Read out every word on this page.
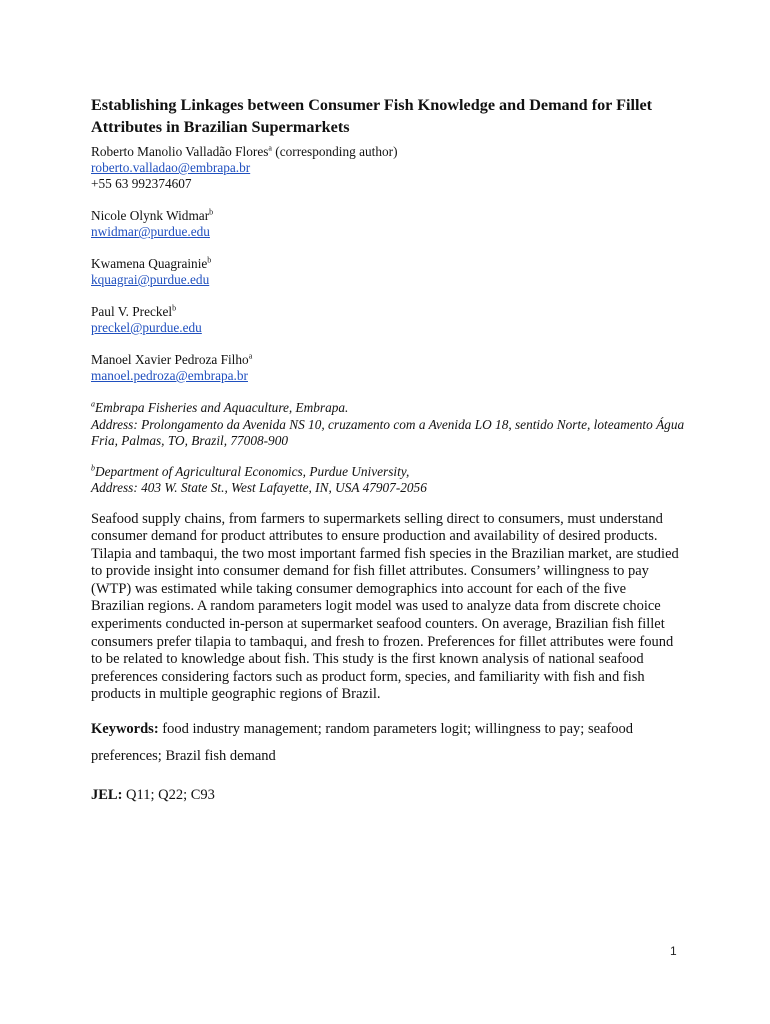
Establishing Linkages between Consumer Fish Knowledge and Demand for Fillet Attributes in Brazilian Supermarkets
Roberto Manolio Valladão Flores$^a$ (corresponding author)
roberto.valladao@embrapa.br
+55 63 992374607
Nicole Olynk Widmar$^b$
nwidmar@purdue.edu
Kwamena Quagrainie$^b$
kquagrai@purdue.edu
Paul V. Preckel$^b$
preckel@purdue.edu
Manoel Xavier Pedroza Filho$^a$
manoel.pedroza@embrapa.br
$^a$Embrapa Fisheries and Aquaculture, Embrapa.
Address: Prolongamento da Avenida NS 10, cruzamento com a Avenida LO 18, sentido Norte, loteamento Água Fria, Palmas, TO, Brazil, 77008-900
$^b$Department of Agricultural Economics, Purdue University,
Address: 403 W. State St., West Lafayette, IN, USA 47907-2056

Seafood supply chains, from farmers to supermarkets selling direct to consumers, must understand consumer demand for product attributes to ensure production and availability of desired products. Tilapia and tambaqui, the two most important farmed fish species in the Brazilian market, are studied to provide insight into consumer demand for fish fillet attributes. Consumers’ willingness to pay (WTP) was estimated while taking consumer demographics into account for each of the five Brazilian regions. A random parameters logit model was used to analyze data from discrete choice experiments conducted in-person at supermarket seafood counters. On average, Brazilian fish fillet consumers prefer tilapia to tambaqui, and fresh to frozen. Preferences for fillet attributes were found to be related to knowledge about fish. This study is the first known analysis of national seafood preferences considering factors such as product form, species, and familiarity with fish and fish products in multiple geographic regions of Brazil.

Keywords: food industry management; random parameters logit; willingness to pay; seafood preferences; Brazil fish demand

JEL: Q11; Q22; C93

1
